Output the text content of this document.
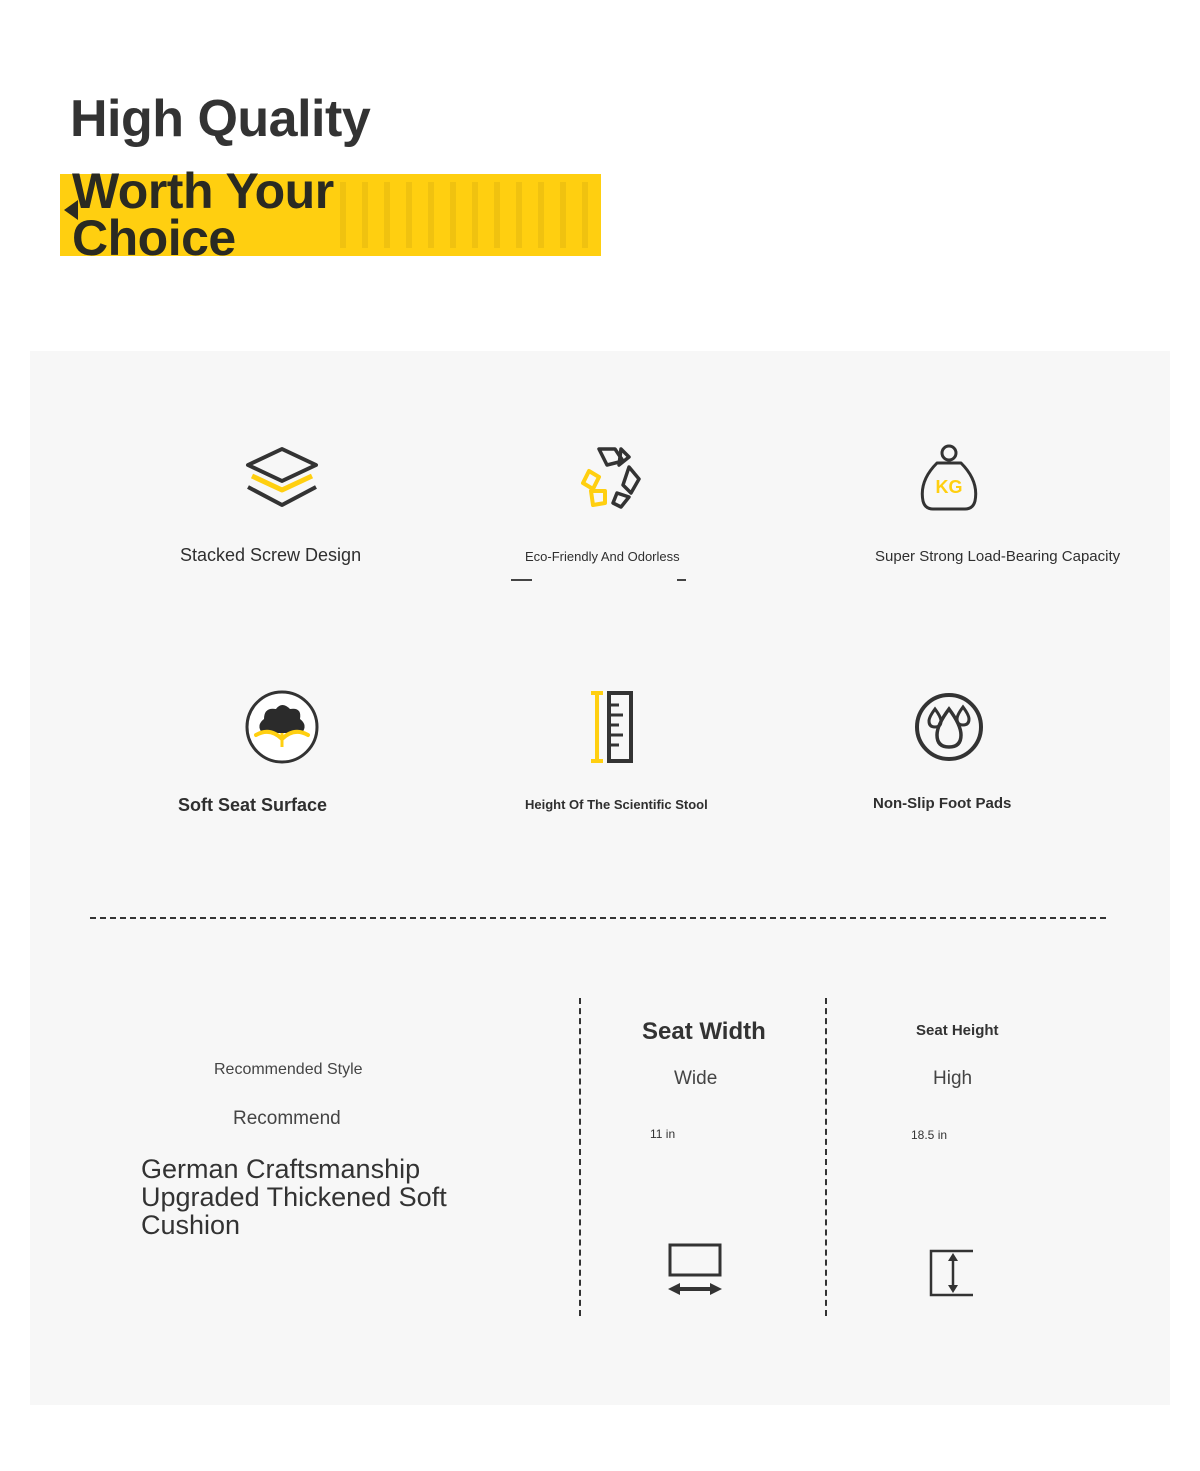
High Quality
Worth Your
Choice
Stacked Screw Design	Eco-Friendly And Odorless
KG
Super Strong Load-Bearing Capacity
Soft Seat Surface	Height Of The Scientific Stool	Non-Slip Foot Pads
Recommended Style
Recommend

German Craftsmanship Upgraded Thickened Soft Cushion

Seat Width
Wide
11 in
Seat Height
High
18.5 in
